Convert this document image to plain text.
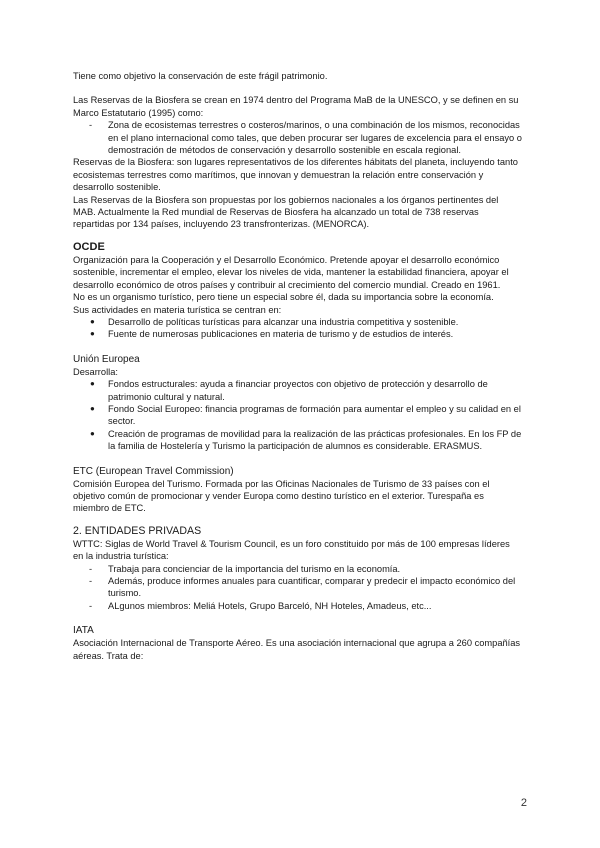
Tiene como objetivo la conservación de este frágil patrimonio.

Las Reservas de la Biosfera se crean en 1974 dentro del Programa MaB de la UNESCO, y se definen en su Marco Estatutario (1995) como:

- Zona de ecosistemas terrestres o costeros/marinos, o una combinación de los mismos, reconocidas en el plano internacional como tales, que deben procurar ser lugares de excelencia para el ensayo o demostración de métodos de conservación y desarrollo sostenible en escala regional.

Reservas de la Biosfera: son lugares representativos de los diferentes hábitats del planeta, incluyendo tanto ecosistemas terrestres como marítimos, que innovan y demuestran la relación entre conservación y desarrollo sostenible.

Las Reservas de la Biosfera son propuestas por los gobiernos nacionales a los órganos pertinentes del MAB. Actualmente la Red mundial de Reservas de Biosfera ha alcanzado un total de 738 reservas repartidas por 134 países, incluyendo 23 transfronterizas. (MENORCA).

OCDE

Organización para la Cooperación y el Desarrollo Económico. Pretende apoyar el desarrollo económico sostenible, incrementar el empleo, elevar los niveles de vida, mantener la estabilidad financiera, apoyar el desarrollo económico de otros países y contribuir al crecimiento del comercio mundial. Creado en 1961.

No es un organismo turístico, pero tiene un especial sobre él, dada su importancia sobre la economía.

Sus actividades en materia turística se centran en:

● Desarrollo de políticas turísticas para alcanzar una industria competitiva y sostenible.
● Fuente de numerosas publicaciones en materia de turismo y de estudios de interés.

Unión Europea

Desarrolla:

● Fondos estructurales: ayuda a financiar proyectos con objetivo de protección y desarrollo de patrimonio cultural y natural.
● Fondo Social Europeo: financia programas de formación para aumentar el empleo y su calidad en el sector.
● Creación de programas de movilidad para la realización de las prácticas profesionales. En los FP de la familia de Hostelería y Turismo la participación de alumnos es considerable. ERASMUS.

ETC (European Travel Commission)

Comisión Europea del Turismo. Formada por las Oficinas Nacionales de Turismo de 33 países con el objetivo común de promocionar y vender Europa como destino turístico en el exterior. Turespaña es miembro de ETC.

2. ENTIDADES PRIVADAS

WTTC: Siglas de World Travel & Tourism Council, es un foro constituido por más de 100 empresas líderes en la industria turística:

- Trabaja para concienciar de la importancia del turismo en la economía.
- Además, produce informes anuales para cuantificar, comparar y predecir el impacto económico del turismo.
- ALgunos miembros: Meliá Hotels, Grupo Barceló, NH Hoteles, Amadeus, etc...

IATA

Asociación Internacional de Transporte Aéreo. Es una asociación internacional que agrupa a 260 compañías aéreas. Trata de:

2
